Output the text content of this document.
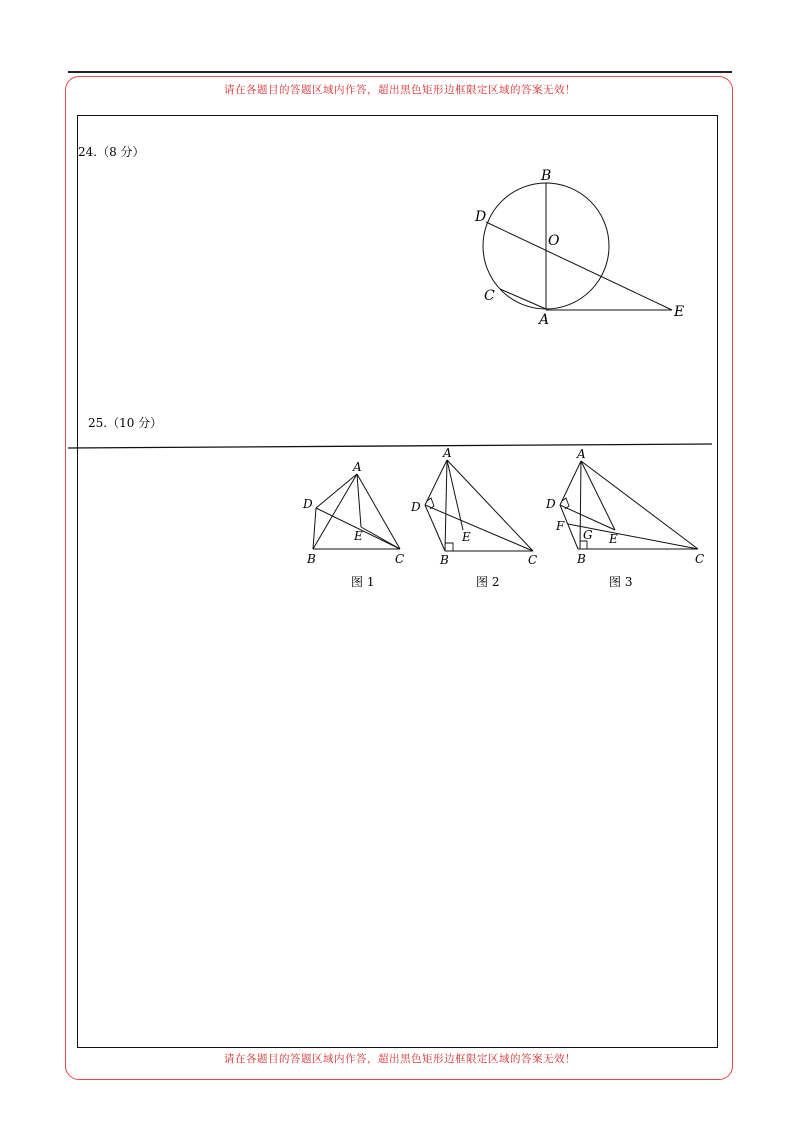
请在各题目的答题区域内作答，超出黑色矩形边框限定区域的答案无效！
24.（8 分）
25.（10 分）
B
D
O
C
A	E
A
D
E
B	C
A
D
E
B	C
A
D
F
G E
B	C
图 1	图 2	图 3
请在各题目的答题区域内作答，超出黑色矩形边框限定区域的答案无效！
